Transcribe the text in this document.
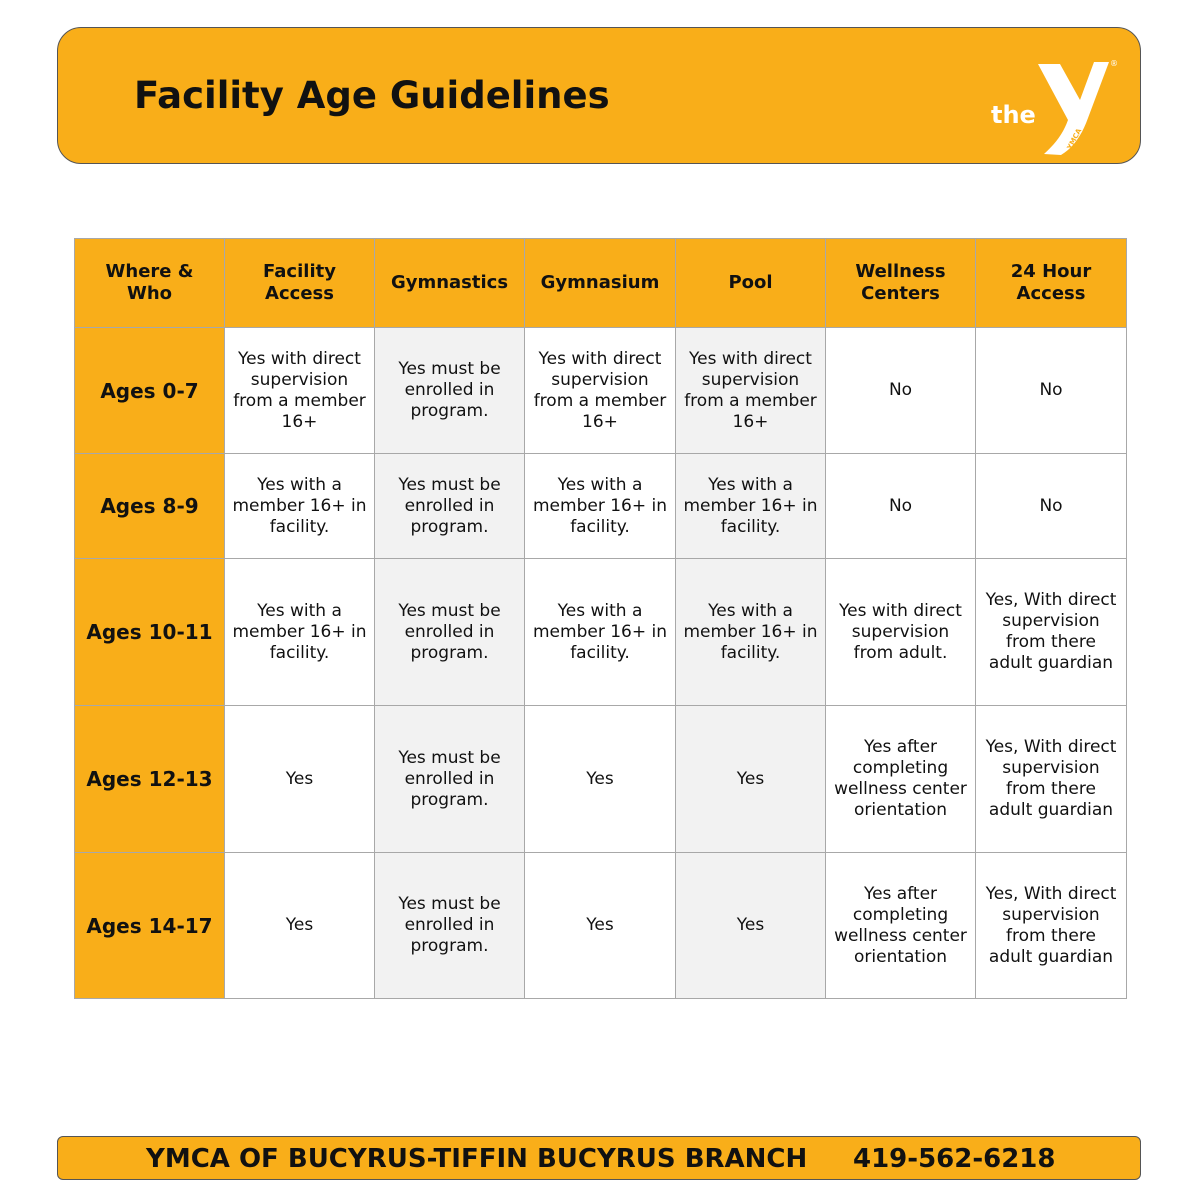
Facility Age Guidelines	the
®
YMCA
Where & Who	Facility Access	Gymnastics	Gymnasium	Pool	Wellness Centers	24 Hour Access
Ages 0-7	Yes with direct supervision from a member 16+	Yes must be enrolled in program.	Yes with direct supervision from a member 16+	Yes with direct supervision from a member 16+	No	No
Ages 8-9	Yes with a member 16+ in facility.	Yes must be enrolled in program.	Yes with a member 16+ in facility.	Yes with a member 16+ in facility.	No	No
Ages 10-11	Yes with a member 16+ in facility.	Yes must be enrolled in program.	Yes with a member 16+ in facility.	Yes with a member 16+ in facility.	Yes with direct supervision from adult.	Yes, With direct supervision from there adult guardian
Ages 12-13	Yes	Yes must be enrolled in program.	Yes	Yes	Yes after completing wellness center orientation	Yes, With direct supervision from there adult guardian
Ages 14-17	Yes	Yes must be enrolled in program.	Yes	Yes	Yes after completing wellness center orientation	Yes, With direct supervision from there adult guardian
YMCA OF BUCYRUS-TIFFIN BUCYRUS BRANCH 419-562-6218
